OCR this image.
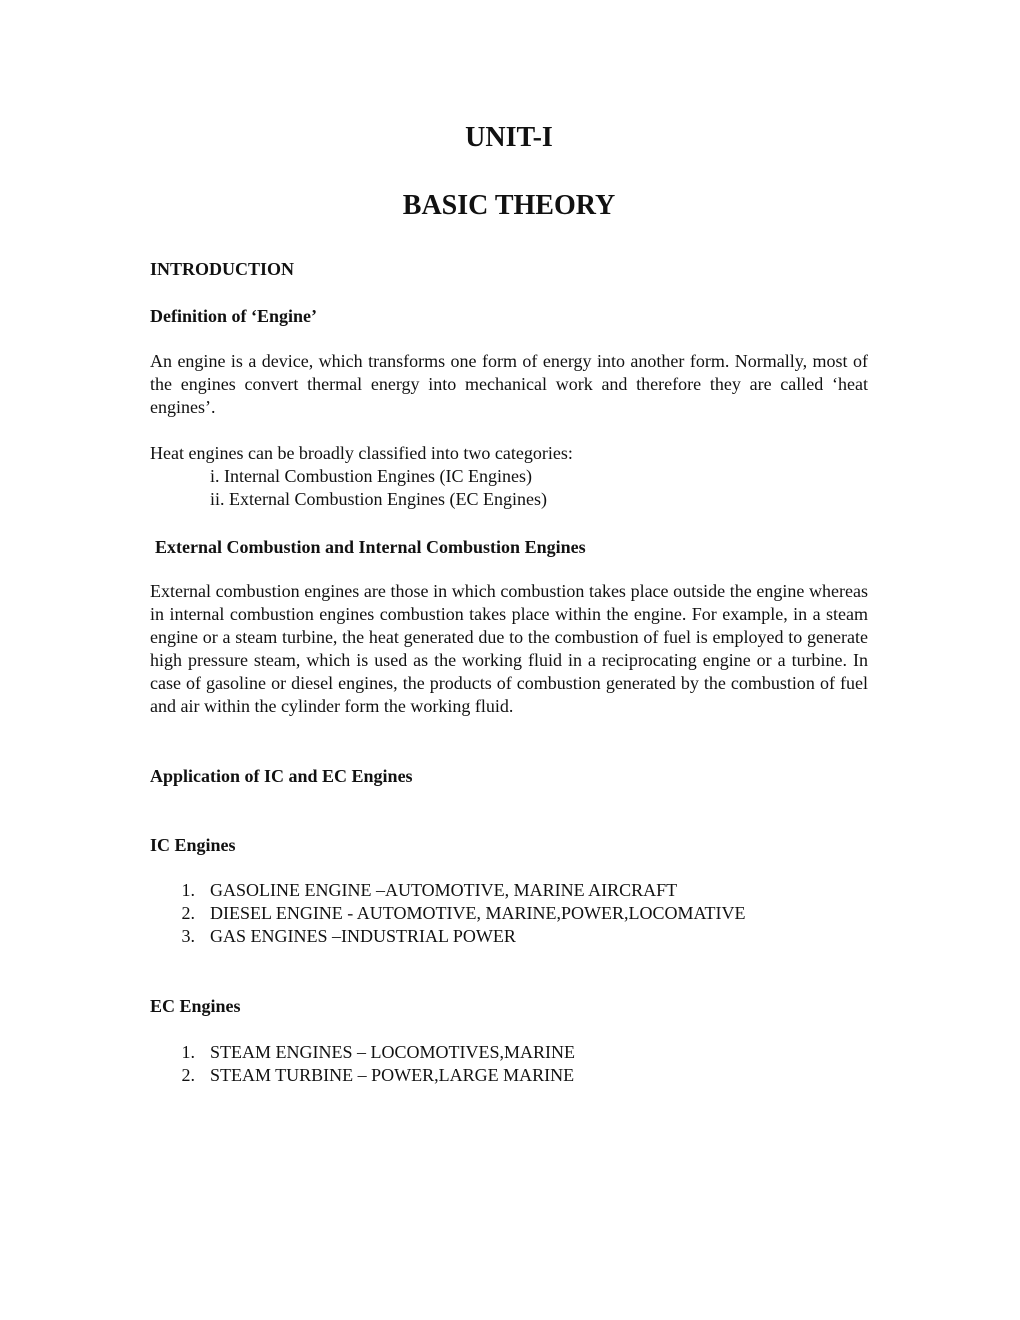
UNIT-I
BASIC THEORY
INTRODUCTION
Definition of ‘Engine’

An engine is a device, which transforms one form of energy into another form. Normally, most of the engines convert thermal energy into mechanical work and therefore they are called ‘heat engines’.

Heat engines can be broadly classified into two categories:

i. Internal Combustion Engines (IC Engines)
ii. External Combustion Engines (EC Engines)
External Combustion and Internal Combustion Engines

External combustion engines are those in which combustion takes place outside the engine whereas in internal combustion engines combustion takes place within the engine. For example, in a steam engine or a steam turbine, the heat generated due to the combustion of fuel is employed to generate high pressure steam, which is used as the working fluid in a reciprocating engine or a turbine. In case of gasoline or diesel engines, the products of combustion generated by the combustion of fuel and air within the cylinder form the working fluid.

Application of IC and EC Engines
IC Engines
1. GASOLINE ENGINE –AUTOMOTIVE, MARINE AIRCRAFT
2. DIESEL ENGINE - AUTOMOTIVE, MARINE,POWER,LOCOMATIVE
3. GAS ENGINES –INDUSTRIAL POWER
EC Engines
1. STEAM ENGINES – LOCOMOTIVES,MARINE
2. STEAM TURBINE – POWER,LARGE MARINE
